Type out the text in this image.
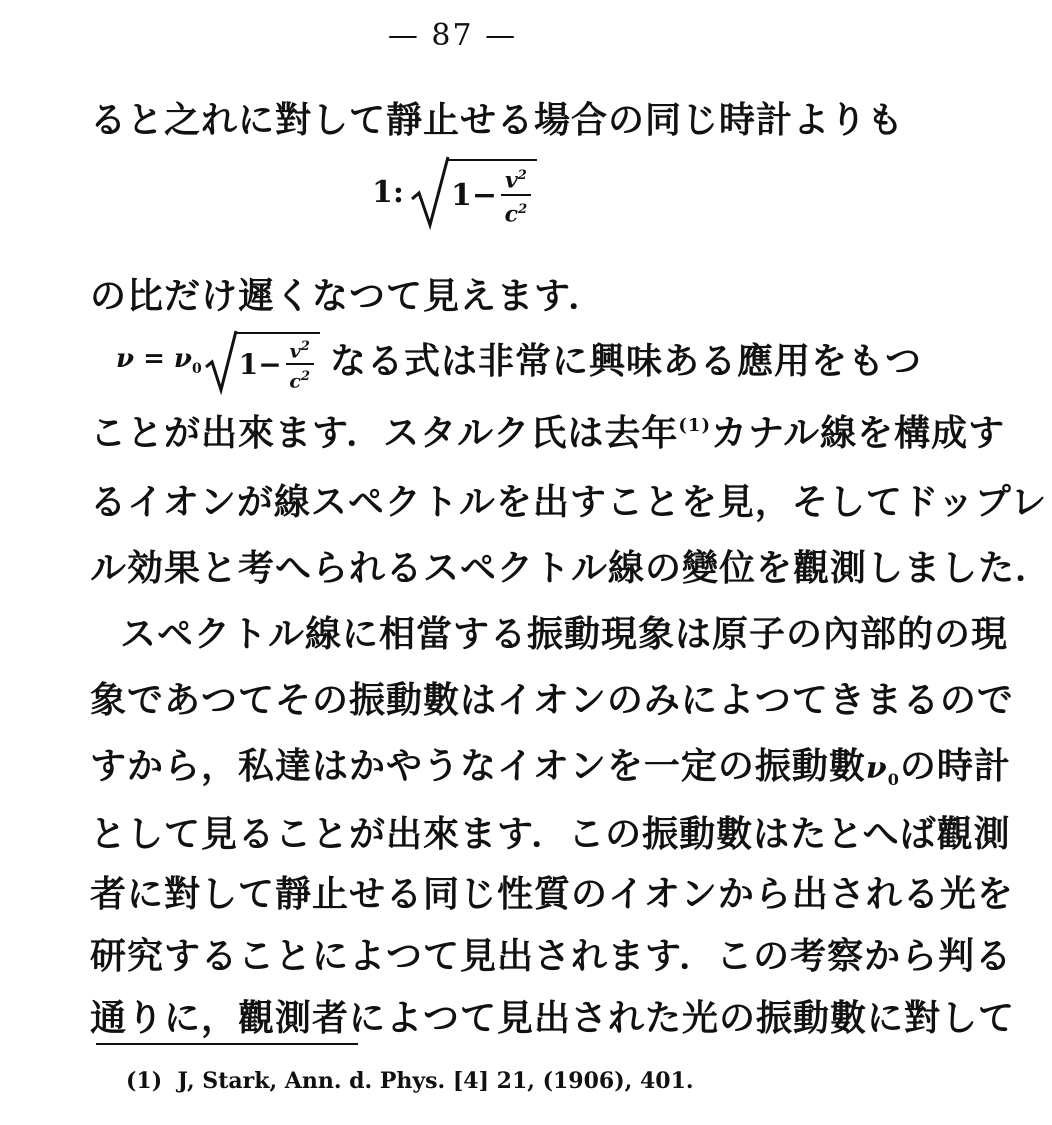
— 87 —
ると之れに對して靜止せる場合の同じ時計よりも
1: $1- \frac{v^2}{c^2}$
の比だけ遲くなつて見えます．
$\nu = \nu_0$ $1- \frac{v^2}{c^2}$ なる式は非常に興味ある應用をもつ
ことが出來ます．スタルク氏は去年$^{(1)}$カナル線を構成す
るイオンが線スペクトルを出すことを見，そしてドップレ
ル効果と考へられるスペクトル線の變位を觀測しました．
スペクトル線に相當する振動現象は原子の內部的の現
象であつてその振動數はイオンのみによつてきまるので
すから，私達はかやうなイオンを一定の振動數$\nu_0$の時計
として見ることが出來ます．この振動數はたとへば觀測
者に對して靜止せる同じ性質のイオンから出される光を
研究することによつて見出されます．この考察から判る
通りに，觀測者によつて見出された光の振動數に對して
(1) J, Stark, Ann. d. Phys. [4] 21, (1906), 401.
